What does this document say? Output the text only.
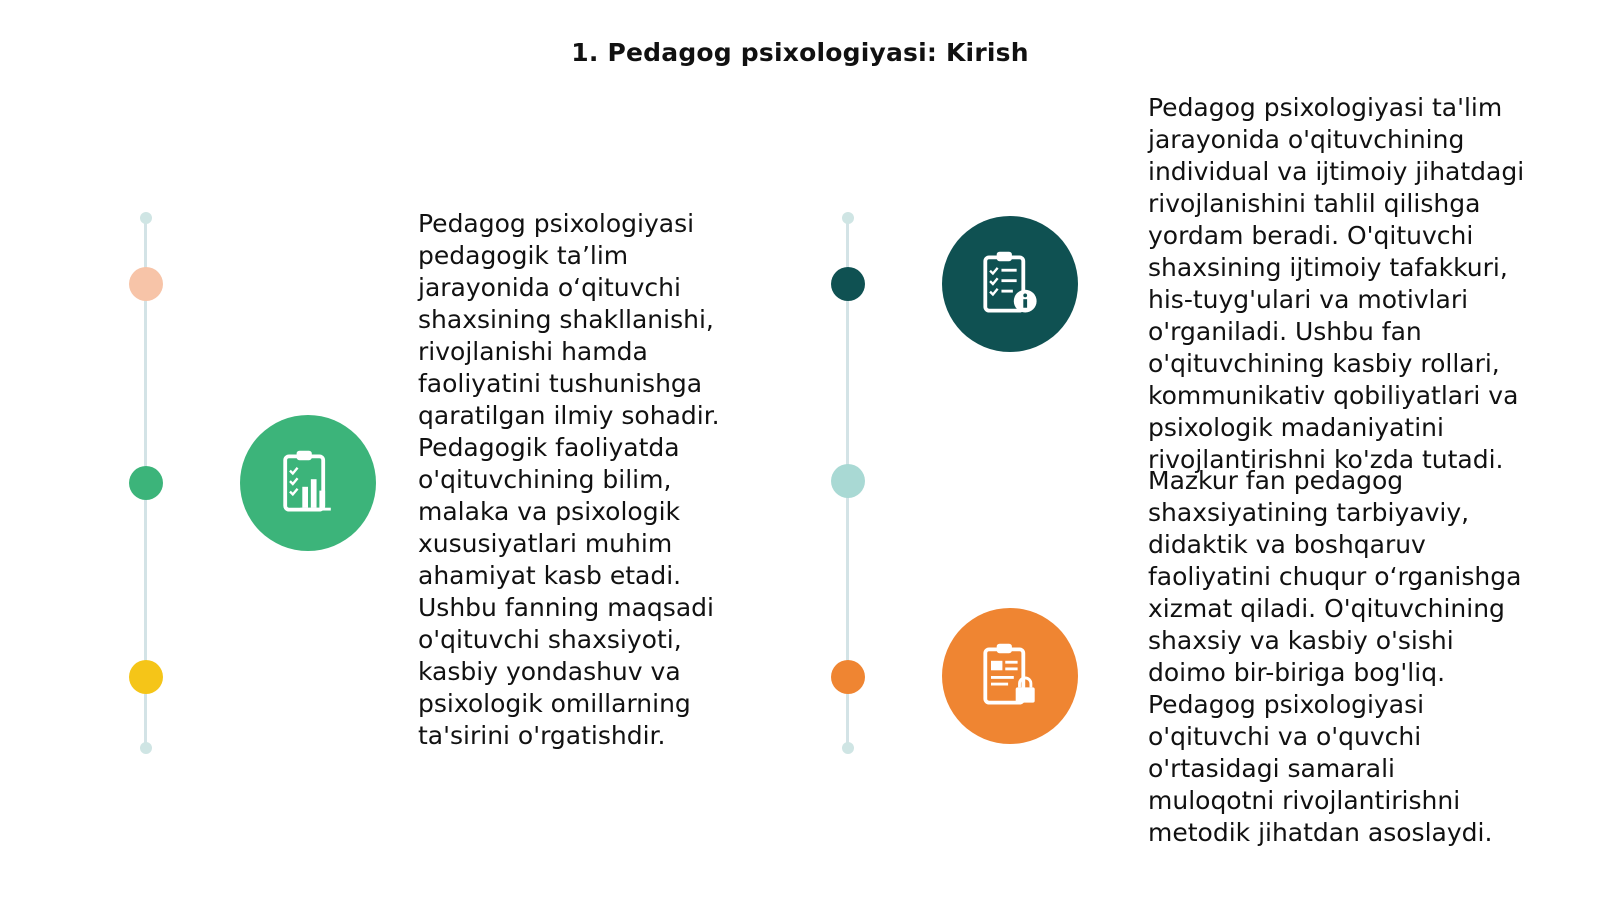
1. Pedagog psixologiyasi: Kirish
Pedagog psixologiyasi pedagogik ta’lim jarayonida o‘qituvchi shaxsining shakllanishi, rivojlanishi hamda faoliyatini tushunishga qaratilgan ilmiy sohadir. Pedagogik faoliyatda o'qituvchining bilim, malaka va psixologik xususiyatlari muhim ahamiyat kasb etadi. Ushbu fanning maqsadi o'qituvchi shaxsiyoti, kasbiy yondashuv va psixologik omillarning ta'sirini o'rgatishdir.
Pedagog psixologiyasi ta'lim jarayonida o'qituvchining individual va ijtimoiy jihatdagi rivojlanishini tahlil qilishga yordam beradi. O'qituvchi shaxsining ijtimoiy tafakkuri, his-tuyg'ulari va motivlari o'rganiladi. Ushbu fan o'qituvchining kasbiy rollari, kommunikativ qobiliyatlari va psixologik madaniyatini rivojlantirishni ko'zda tutadi.
Mazkur fan pedagog shaxsiyatining tarbiyaviy, didaktik va boshqaruv faoliyatini chuqur o‘rganishga xizmat qiladi. O'qituvchining shaxsiy va kasbiy o'sishi doimo bir-biriga bog'liq. Pedagog psixologiyasi o'qituvchi va o'quvchi o'rtasidagi samarali muloqotni rivojlantirishni metodik jihatdan asoslaydi.
